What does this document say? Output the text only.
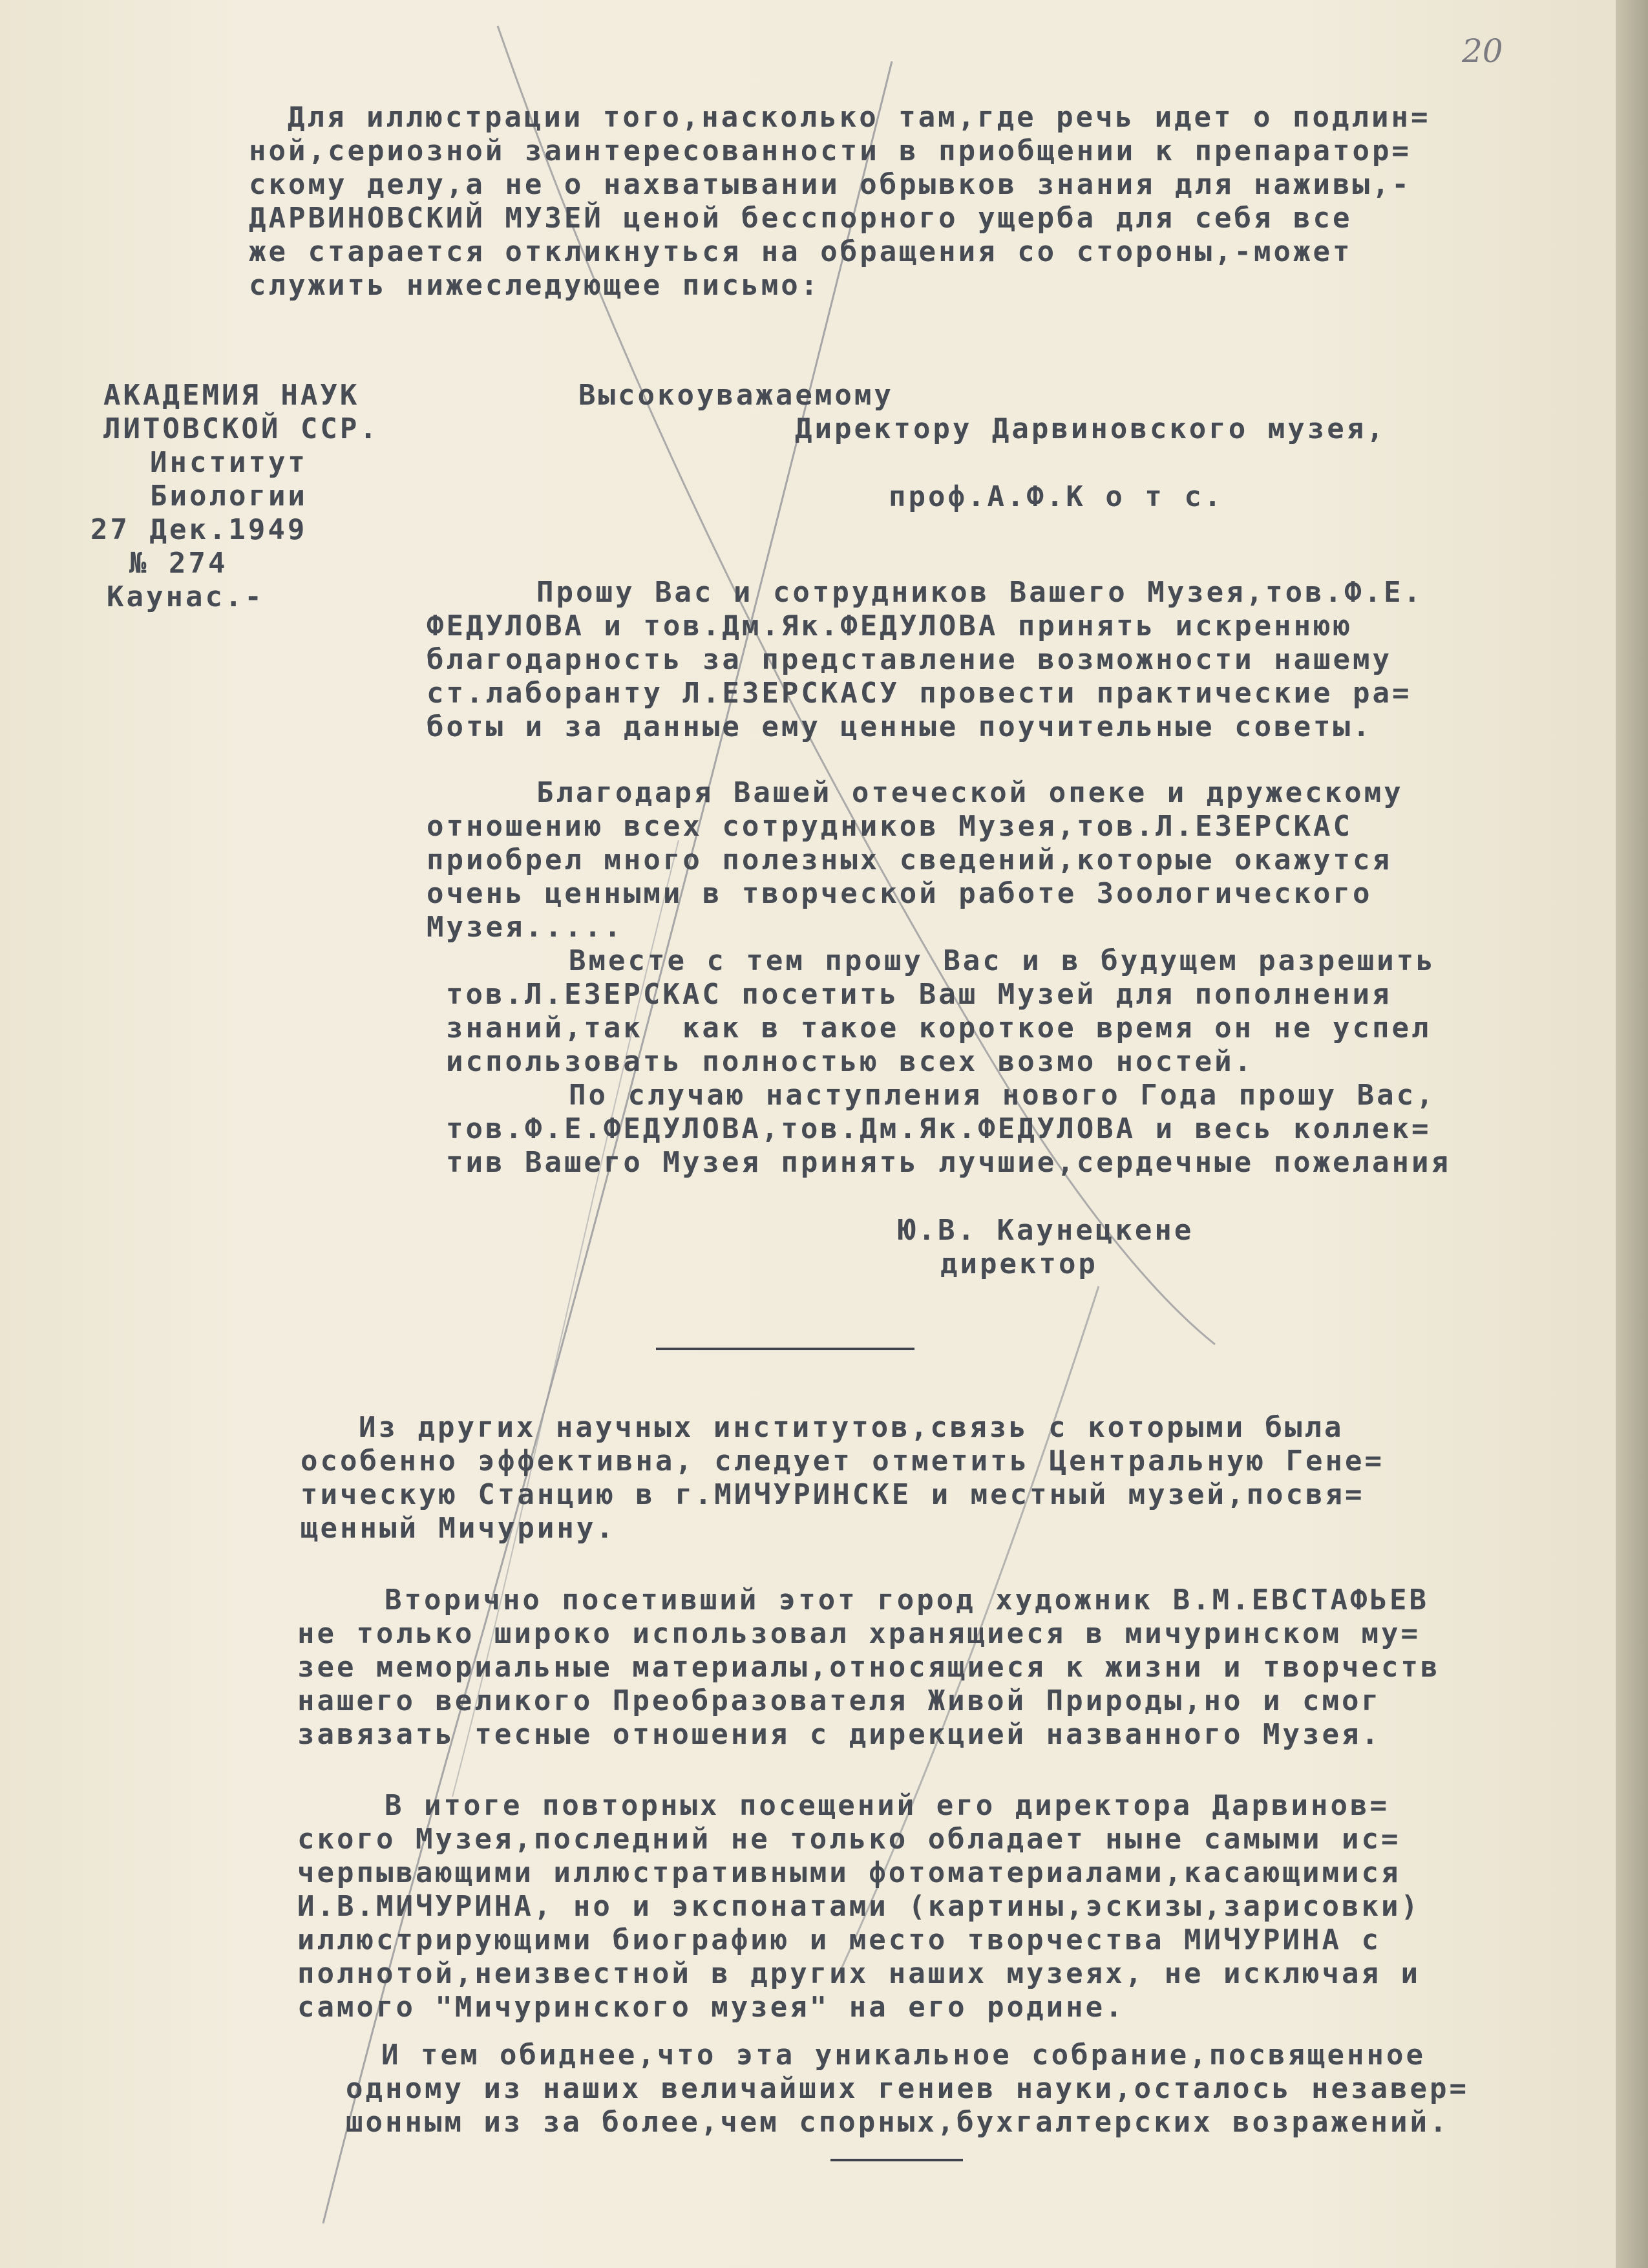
20

Для иллюстрации того,насколько там,где речь идет о подлин=

ной,сериозной заинтересованности в приобщении к препаратор=

скому делу,а не о нахватывании обрывков знания для наживы,-

ДАРВИНОВСКИЙ МУЗЕЙ ценой бесспорного ущерба для себя все

же старается откликнуться на обращения со стороны,-может

служить нижеследующее письмо:

АКАДЕМИЯ НАУК

ЛИТОВСКОЙ ССР.

Институт

Биологии

27 Дек.1949

№ 274

Каунас.-

Высокоуважаемому

Директору Дарвиновского музея,

проф.А.Ф.К о т с.

Прошу Вас и сотрудников Вашего Музея,тов.Ф.Е.

ФЕДУЛОВА и тов.Дм.Як.ФЕДУЛОВА принять искреннюю

благодарность за представление возможности нашему

ст.лаборанту Л.ЕЗЕРСКАСУ провести практические ра=

боты и за данные ему ценные поучительные советы.

Благодаря Вашей отеческой опеке и дружескому

отношению всех сотрудников Музея,тов.Л.ЕЗЕРСКАС

приобрел много полезных сведений,которые окажутся

очень ценными в творческой работе Зоологического

Музея.....

Вместе с тем прошу Вас и в будущем разрешить

тов.Л.ЕЗЕРСКАС посетить Ваш Музей для пополнения

знаний,так  как в такое короткое время он не успел

использовать полностью всех возмо ностей.

По случаю наступления нового Года прошу Вас,

тов.Ф.Е.ФЕДУЛОВА,тов.Дм.Як.ФЕДУЛОВА и весь коллек=

тив Вашего Музея принять лучшие,сердечные пожелания

Ю.В. Каунецкене

директор

Из других научных институтов,связь с которыми была

особенно эффективна, следует отметить Центральную Гене=

тическую Станцию в г.МИЧУРИНСКЕ и местный музей,посвя=

щенный Мичурину.

Вторично посетивший этот город художник В.М.ЕВСТАФЬЕВ

не только широко использовал хранящиеся в мичуринском му=

зее мемориальные материалы,относящиеся к жизни и творчеств

нашего великого Преобразователя Живой Природы,но и смог

завязать тесные отношения с дирекцией названного Музея.

В итоге повторных посещений его директора Дарвинов=

ского Музея,последний не только обладает ныне самыми ис=

черпывающими иллюстративными фотоматериалами,касающимися

И.В.МИЧУРИНА, но и экспонатами (картины,эскизы,зарисовки)

иллюстрирующими биографию и место творчества МИЧУРИНА с

полнотой,неизвестной в других наших музеях, не исключая и

самого "Мичуринского музея" на его родине.

И тем обиднее,что эта уникальное собрание,посвященное

одному из наших величайших гениев науки,осталось незавер=

шонным из за более,чем спорных,бухгалтерских возражений.
